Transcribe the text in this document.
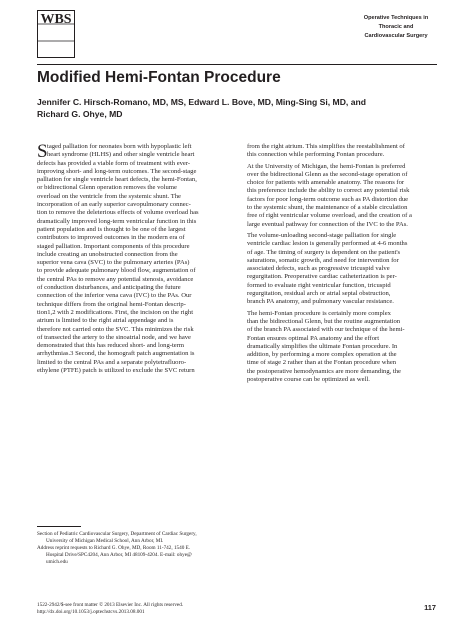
WBS	Operative Techniques in
Thoracic and
Cardiovascular Surgery
Modified Hemi-Fontan Procedure
Jennifer C. Hirsch-Romano, MD, MS, Edward L. Bove, MD, Ming-Sing Si, MD, and
Richard G. Ohye, MD
S taged palliation for neonates born with hypoplastic left
heart syndrome (HLHS) and other single ventricle heart
defects has provided a viable form of treatment with ever-
improving short- and long-term outcomes. The second-stage
palliation for single ventricle heart defects, the hemi-Fontan,
or bidirectional Glenn operation removes the volume
overload on the ventricle from the systemic shunt. The
incorporation of an early superior cavopulmonary connec-
tion to remove the deleterious effects of volume overload has
dramatically improved long-term ventricular function in this
patient population and is thought to be one of the largest
contributors to improved outcomes in the modern era of
staged palliation. Important components of this procedure
include creating an unobstructed connection from the
superior vena cava (SVC) to the pulmonary arteries (PAs)
to provide adequate pulmonary blood flow, augmentation of
the central PAs to remove any potential stenosis, avoidance
of conduction disturbances, and anticipating the future
connection of the inferior vena cava (IVC) to the PAs. Our
technique differs from the original hemi-Fontan descrip-
tion1,2 with 2 modifications. First, the incision on the right
atrium is limited to the right atrial appendage and is
therefore not carried onto the SVC. This minimizes the risk
of transected the artery to the sinoatrial node, and we have
demonstrated that this has reduced short- and long-term
arrhythmias.3 Second, the homograft patch augmentation is
limited to the central PAs and a separate polytetrafluoro-
ethylene (PTFE) patch is utilized to exclude the SVC return
from the right atrium. This simplifies the reestablishment of
this connection while performing Fontan procedure.
At the University of Michigan, the hemi-Fontan is preferred
over the bidirectional Glenn as the second-stage operation of
choice for patients with amenable anatomy. The reasons for
this preference include the ability to correct any potential risk
factors for poor long-term outcome such as PA distortion due
to the systemic shunt, the maintenance of a stable circulation
free of right ventricular volume overload, and the creation of a
large eventual pathway for connection of the IVC to the PAs.
The volume-unloading second-stage palliation for single
ventricle cardiac lesion is generally performed at 4-6 months
of age. The timing of surgery is dependent on the patient's
saturations, somatic growth, and need for intervention for
associated defects, such as progressive tricuspid valve
regurgitation. Preoperative cardiac catheterization is per-
formed to evaluate right ventricular function, tricuspid
regurgitation, residual arch or atrial septal obstruction,
branch PA anatomy, and pulmonary vascular resistance.
The hemi-Fontan procedure is certainly more complex
than the bidirectional Glenn, but the routine augmentation
of the branch PA associated with our technique of the hemi-
Fontan ensures optimal PA anatomy and the effort
dramatically simplifies the ultimate Fontan procedure. In
addition, by performing a more complex operation at the
time of stage 2 rather than at the Fontan procedure when
the postoperative hemodynamics are more demanding, the
postoperative course can be optimized as well.
Section of Pediatric Cardiovascular Surgery, Department of Cardiac Surgery,
University of Michigan Medical School, Ann Arbor, MI.
Address reprint requests to Richard G. Ohye, MD, Room 11-742, 1540 E.
Hospital Drive/SPC4204, Ann Arbor, MI 48109-4204. E-mail: ohye@
umich.edu
1522-2942/$-see front matter © 2013 Elsevier Inc. All rights reserved.
http://dx.doi.org/10.1053/j.optechstcvs.2013.08.001	117
